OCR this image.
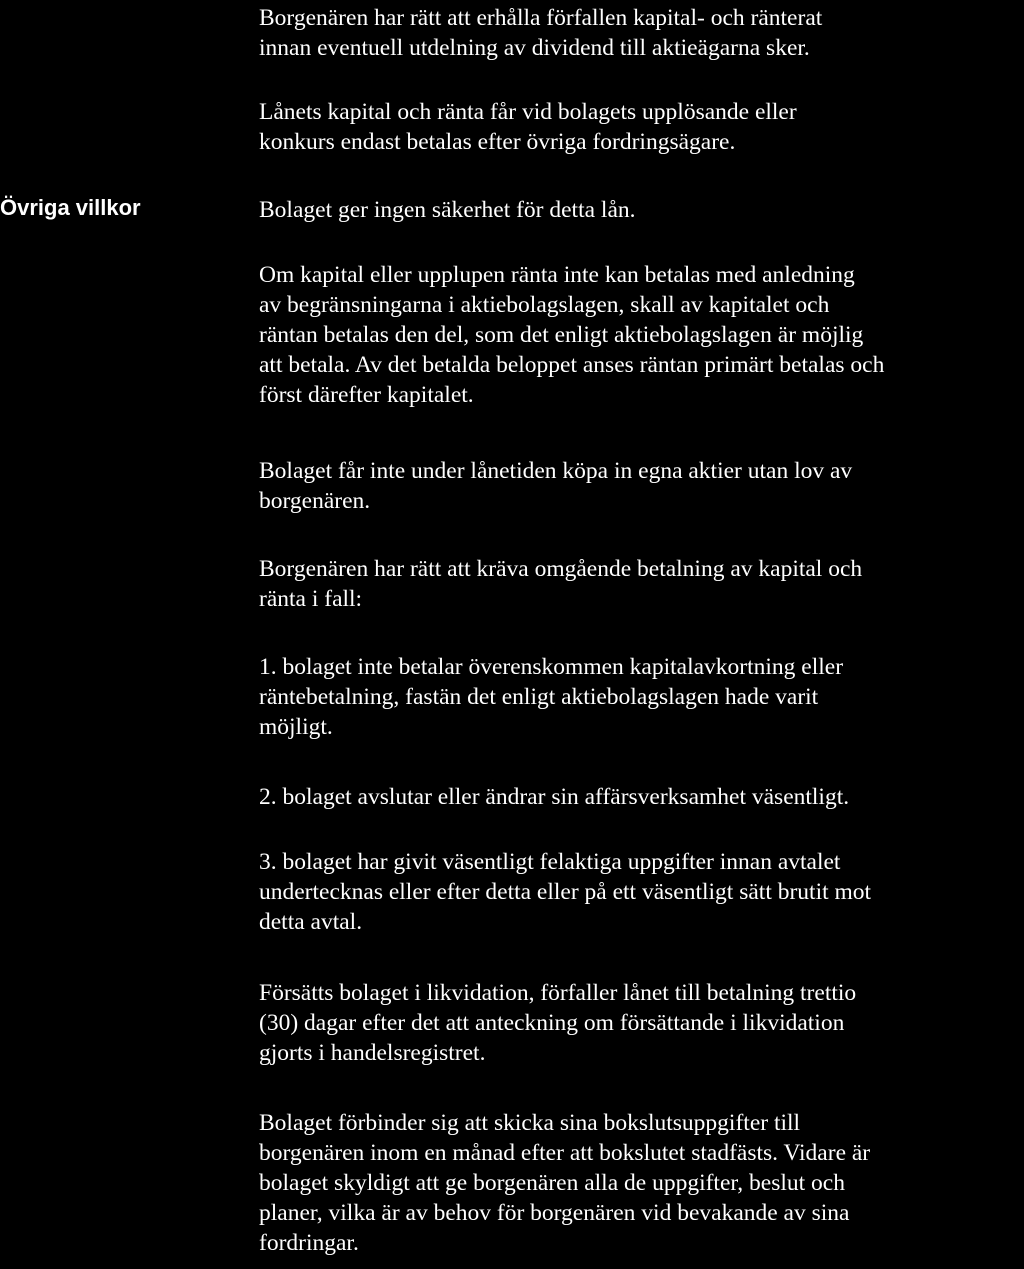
Övriga villkor

Borgenären har rätt att erhålla förfallen kapital- och ränterat
innan eventuell utdelning av dividend till aktieägarna sker.

Lånets kapital och ränta får vid bolagets upplösande eller
konkurs endast betalas efter övriga fordringsägare.

Bolaget ger ingen säkerhet för detta lån.

Om kapital eller upplupen ränta inte kan betalas med anledning
av begränsningarna i aktiebolagslagen, skall av kapitalet och
räntan betalas den del, som det enligt aktiebolagslagen är möjlig
att betala. Av det betalda beloppet anses räntan primärt betalas och
först därefter kapitalet.

Bolaget får inte under lånetiden köpa in egna aktier utan lov av
borgenären.

Borgenären har rätt att kräva omgående betalning av kapital och
ränta i fall:

1. bolaget inte betalar överenskommen kapitalavkortning eller
räntebetalning, fastän det enligt aktiebolagslagen hade varit
möjligt.

2. bolaget avslutar eller ändrar sin affärsverksamhet väsentligt.

3. bolaget har givit väsentligt felaktiga uppgifter innan avtalet
undertecknas eller efter detta eller på ett väsentligt sätt brutit mot
detta avtal.

Försätts bolaget i likvidation, förfaller lånet till betalning trettio
(30) dagar efter det att anteckning om försättande i likvidation
gjorts i handelsregistret.

Bolaget förbinder sig att skicka sina bokslutsuppgifter till
borgenären inom en månad efter att bokslutet stadfästs. Vidare är
bolaget skyldigt att ge borgenären alla de uppgifter, beslut och
planer, vilka är av behov för borgenären vid bevakande av sina
fordringar.
